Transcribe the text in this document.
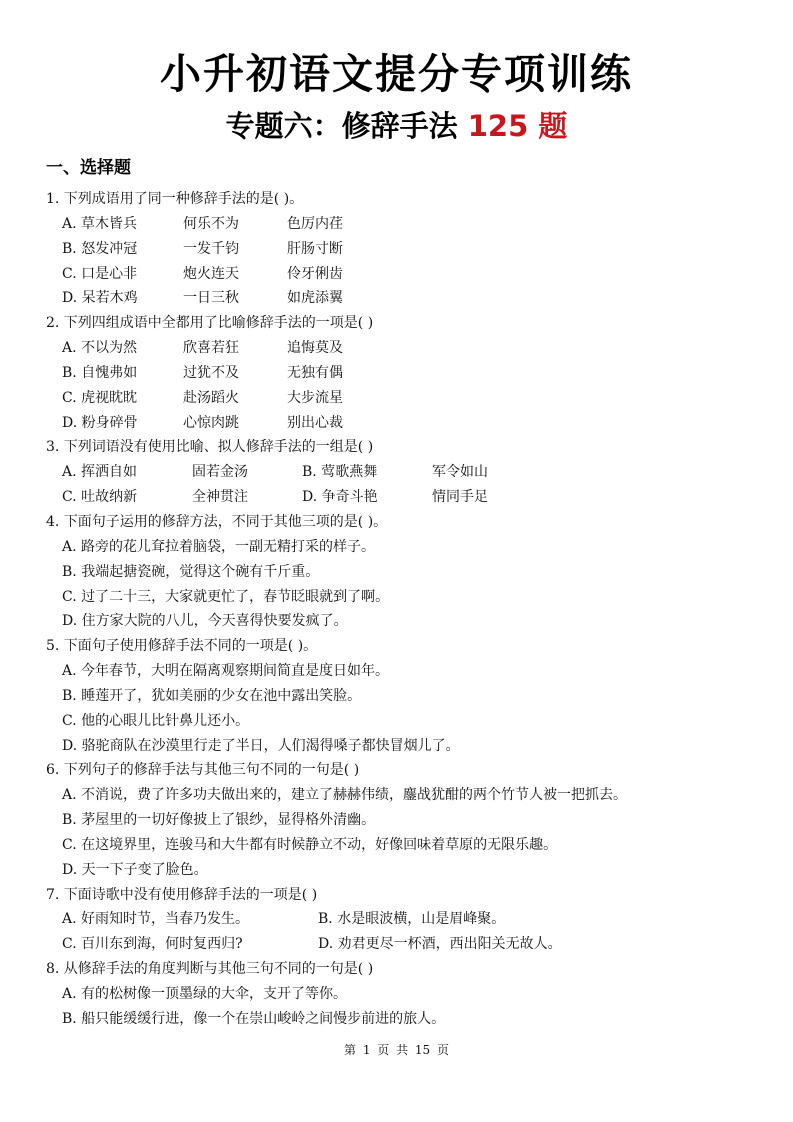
小升初语文提分专项训练
专题六：修辞手法 125 题
一、选择题
1. 下列成语用了同一种修辞手法的是( )。
A. 草木皆兵	何乐不为	色厉内荏
B. 怒发冲冠	一发千钧	肝肠寸断
C. 口是心非	炮火连天	伶牙俐齿
D. 呆若木鸡	一日三秋	如虎添翼
2. 下列四组成语中全都用了比喻修辞手法的一项是( )
A. 不以为然	欣喜若狂	追悔莫及
B. 自愧弗如	过犹不及	无独有偶
C. 虎视眈眈	赴汤蹈火	大步流星
D. 粉身碎骨	心惊肉跳	别出心裁
3. 下列词语没有使用比喻、拟人修辞手法的一组是( )
A. 挥洒自如	固若金汤	B. 莺歌燕舞	军令如山
C. 吐故纳新	全神贯注	D. 争奇斗艳	情同手足
4. 下面句子运用的修辞方法，不同于其他三项的是( )。
A. 路旁的花儿耷拉着脑袋，一副无精打采的样子。
B. 我端起搪瓷碗，觉得这个碗有千斤重。
C. 过了二十三，大家就更忙了，春节眨眼就到了啊。
D. 住方家大院的八儿，今天喜得快要发疯了。
5. 下面句子使用修辞手法不同的一项是( )。
A. 今年春节，大明在隔离观察期间简直是度日如年。
B. 睡莲开了，犹如美丽的少女在池中露出笑脸。
C. 他的心眼儿比针鼻儿还小。
D. 骆驼商队在沙漠里行走了半日，人们渴得嗓子都快冒烟儿了。
6. 下列句子的修辞手法与其他三句不同的一句是( )
A. 不消说，费了许多功夫做出来的，建立了赫赫伟绩，鏖战犹酣的两个竹节人被一把抓去。
B. 茅屋里的一切好像披上了银纱，显得格外清幽。
C. 在这境界里，连骏马和大牛都有时候静立不动，好像回味着草原的无限乐趣。
D. 天一下子变了脸色。
7. 下面诗歌中没有使用修辞手法的一项是( )
A. 好雨知时节，当春乃发生。	B. 水是眼波横，山是眉峰聚。
C. 百川东到海，何时复西归?	D. 劝君更尽一杯酒，西出阳关无故人。
8. 从修辞手法的角度判断与其他三句不同的一句是( )
A. 有的松树像一顶墨绿的大伞，支开了等你。
B. 船只能缓缓行进，像一个在崇山峻岭之间慢步前进的旅人。
第 1 页 共 15 页
